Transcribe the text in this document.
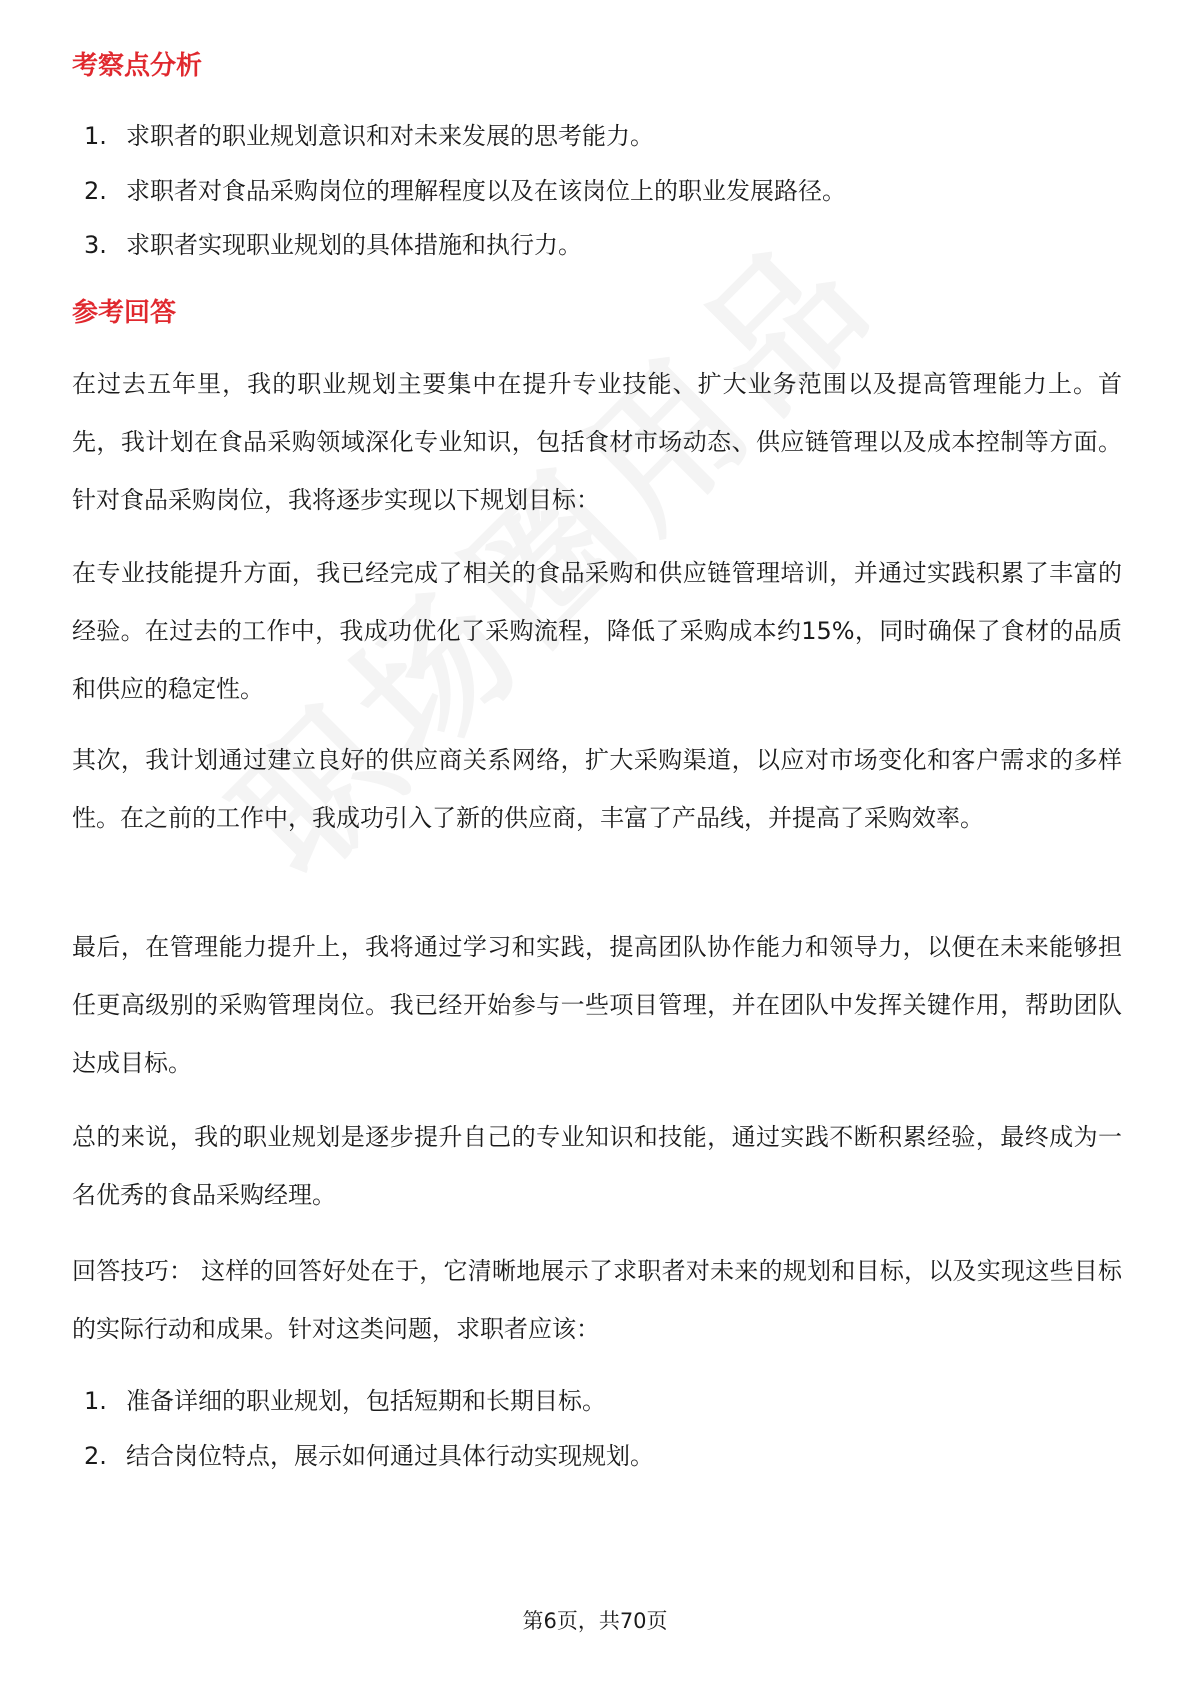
考察点分析
1. 求职者的职业规划意识和对未来发展的思考能力。
2. 求职者对食品采购岗位的理解程度以及在该岗位上的职业发展路径。
3. 求职者实现职业规划的具体措施和执行力。
参考回答
在过去五年里，我的职业规划主要集中在提升专业技能、扩大业务范围以及提高管理能力上。首先，我计划在食品采购领域深化专业知识，包括食材市场动态、供应链管理以及成本控制等方面。针对食品采购岗位，我将逐步实现以下规划目标：
在专业技能提升方面，我已经完成了相关的食品采购和供应链管理培训，并通过实践积累了丰富的经验。在过去的工作中，我成功优化了采购流程，降低了采购成本约15%，同时确保了食材的品质和供应的稳定性。
其次，我计划通过建立良好的供应商关系网络，扩大采购渠道，以应对市场变化和客户需求的多样性。在之前的工作中，我成功引入了新的供应商，丰富了产品线，并提高了采购效率。
最后，在管理能力提升上，我将通过学习和实践，提高团队协作能力和领导力，以便在未来能够担任更高级别的采购管理岗位。我已经开始参与一些项目管理，并在团队中发挥关键作用，帮助团队达成目标。
总的来说，我的职业规划是逐步提升自己的专业知识和技能，通过实践不断积累经验，最终成为一名优秀的食品采购经理。
回答技巧： 这样的回答好处在于，它清晰地展示了求职者对未来的规划和目标，以及实现这些目标的实际行动和成果。针对这类问题，求职者应该：
1. 准备详细的职业规划，包括短期和长期目标。
2. 结合岗位特点，展示如何通过具体行动实现规划。
第6页，共70页
